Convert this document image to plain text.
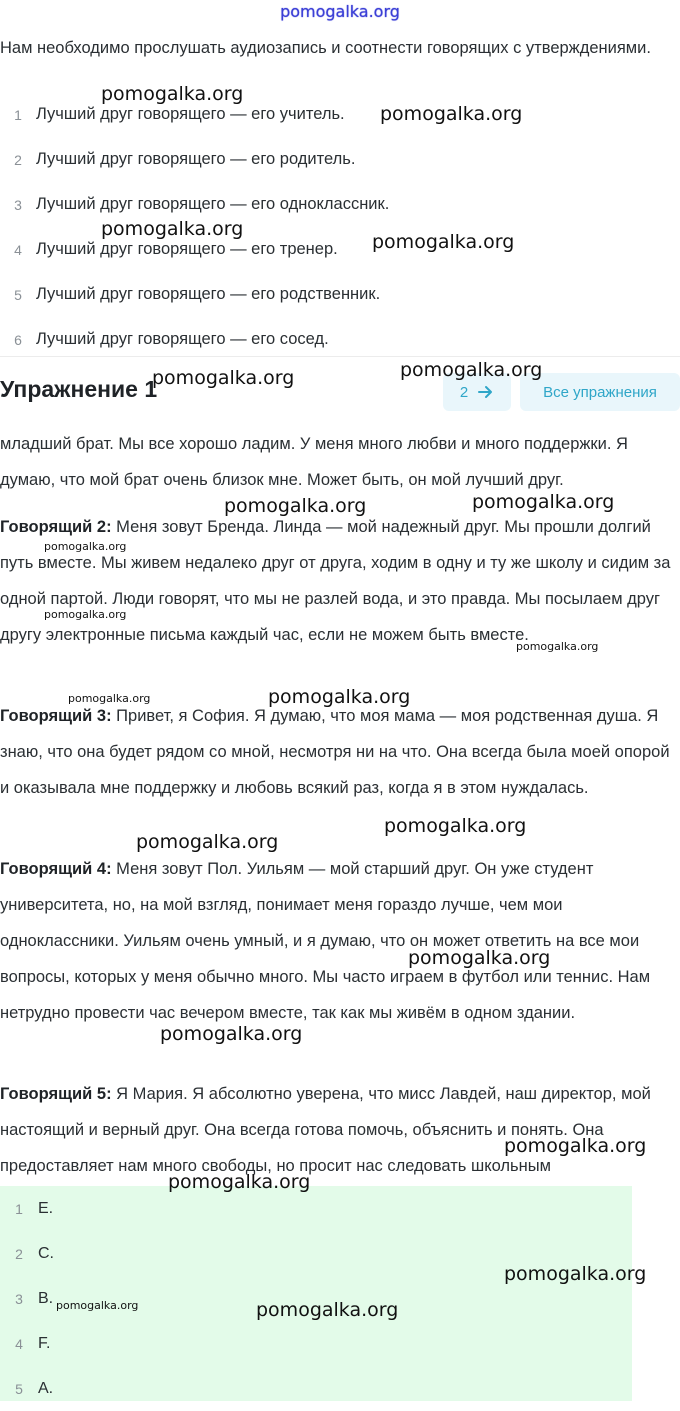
pomogalka.org
Нам необходимо прослушать аудиозапись и соотнести говорящих с утверждениями.
1 Лучший друг говорящего — его учитель.
2 Лучший друг говорящего — его родитель.
3 Лучший друг говорящего — его одноклассник.
4 Лучший друг говорящего — его тренер.
5 Лучший друг говорящего — его родственник.
6 Лучший друг говорящего — его сосед.
Упражнение 1	2	Все упражнения
младший брат. Мы все хорошо ладим. У меня много любви и много поддержки. Я думаю, что мой брат очень близок мне. Может быть, он мой лучший друг.
Говорящий 2: Меня зовут Бренда. Линда — мой надежный друг. Мы прошли долгий путь вместе. Мы живем недалеко друг от друга, ходим в одну и ту же школу и сидим за одной партой. Люди говорят, что мы не разлей вода, и это правда. Мы посылаем друг другу электронные письма каждый час, если не можем быть вместе.
Говорящий 3: Привет, я София. Я думаю, что моя мама — моя родственная душа. Я знаю, что она будет рядом со мной, несмотря ни на что. Она всегда была моей опорой и оказывала мне поддержку и любовь всякий раз, когда я в этом нуждалась.
Говорящий 4: Меня зовут Пол. Уильям — мой старший друг. Он уже студент университета, но, на мой взгляд, понимает меня гораздо лучше, чем мои одноклассники. Уильям очень умный, и я думаю, что он может ответить на все мои вопросы, которых у меня обычно много. Мы часто играем в футбол или теннис. Нам нетрудно провести час вечером вместе, так как мы живём в одном здании.
Говорящий 5: Я Мария. Я абсолютно уверена, что мисс Лавдей, наш директор, мой настоящий и верный друг. Она всегда готова помочь, объяснить и понять. Она предоставляет нам много свободы, но просит нас следовать школьным
1 E.
2 C.
3 B.
4 F.
5 A.
pomogalka.org
pomogalka.org
pomogalka.org
pomogalka.org
pomogalka.org
pomogalka.org
pomogalka.org	pomogalka.org
pomogalka.org
pomogalka.org
pomogalka.org
pomogalka.org	pomogalka.org
pomogalka.org
pomogalka.org
pomogalka.org
pomogalka.org
pomogalka.org
pomogalka.org
pomogalka.org
pomogalka.org	pomogalka.org
